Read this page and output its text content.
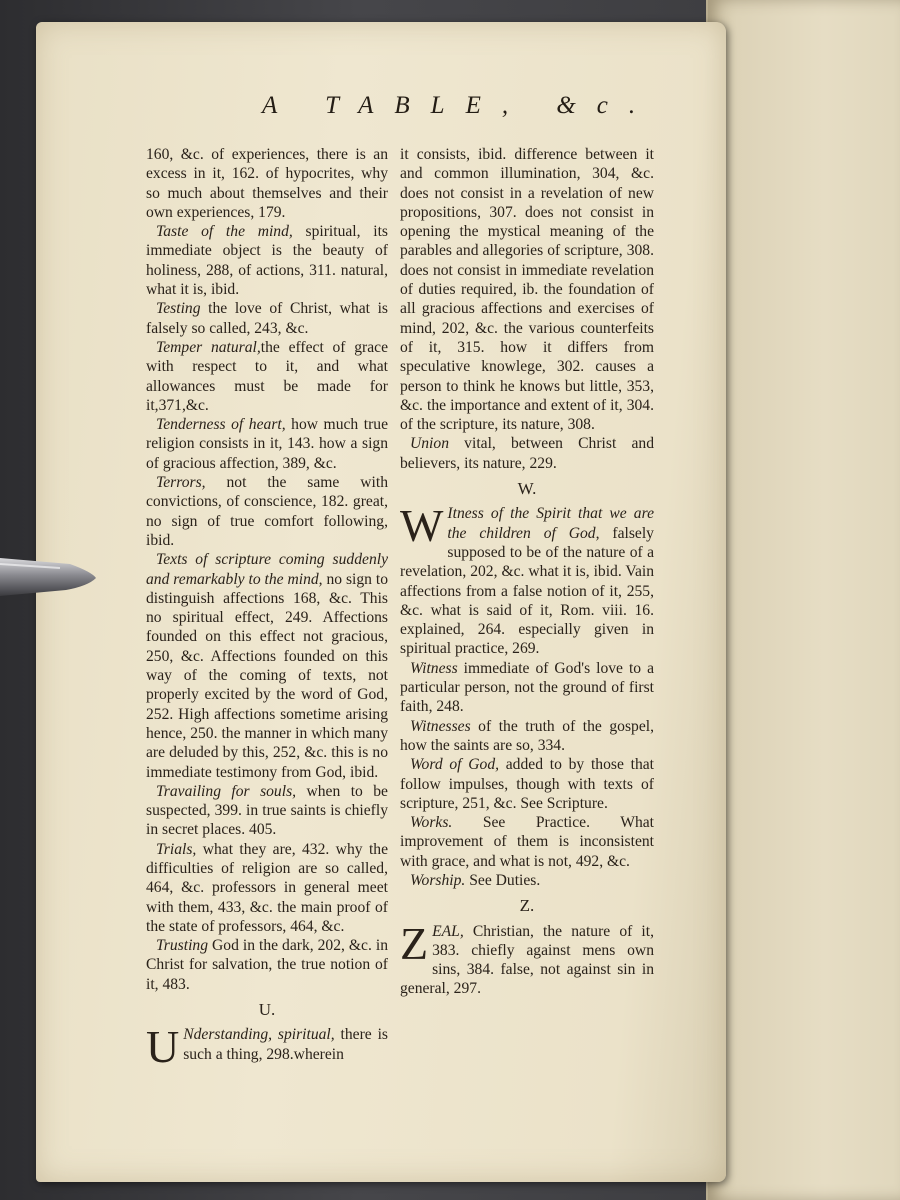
A TABLE, &c.
160, &c. of experiences, there is an excess in it, 162. of hypocrites, why so much about themselves and their own experiences, 179.
Taste of the mind, spiritual, its immediate object is the beauty of holiness, 288, of actions, 311. natural, what it is, ibid.
Testing the love of Christ, what is falsely so called, 243, &c.
Temper natural,the effect of grace with respect to it, and what allowances must be made for it,371,&c.
Tenderness of heart, how much true religion consists in it, 143. how a sign of gracious affection, 389, &c.
Terrors, not the same with convictions, of conscience, 182. great, no sign of true comfort following, ibid.
Texts of scripture coming suddenly and remarkably to the mind, no sign to distinguish affections 168, &c. This no spiritual effect, 249. Affections founded on this effect not gracious, 250, &c. Affections founded on this way of the coming of texts, not properly excited by the word of God, 252. High affections sometime arising hence, 250. the manner in which many are deluded by this, 252, &c. this is no immediate testimony from God, ibid.
Travailing for souls, when to be suspected, 399. in true saints is chiefly in secret places. 405.
Trials, what they are, 432. why the difficulties of religion are so called, 464, &c. professors in general meet with them, 433, &c. the main proof of the state of professors, 464, &c.
Trusting God in the dark, 202, &c. in Christ for salvation, the true notion of it, 483.
U.
U Nderstanding, spiritual, there is such a thing, 298.wherein
it consists, ibid. difference between it and common illumination, 304, &c. does not consist in a revelation of new propositions, 307. does not consist in opening the mystical meaning of the parables and allegories of scripture, 308. does not consist in immediate revelation of duties required, ib. the foundation of all gracious affections and exercises of mind, 202, &c. the various counterfeits of it, 315. how it differs from speculative knowlege, 302. causes a person to think he knows but little, 353, &c. the importance and extent of it, 304. of the scripture, its nature, 308.
Union vital, between Christ and believers, its nature, 229.
W.
W Itness of the Spirit that we are the children of God, falsely supposed to be of the nature of a revelation, 202, &c. what it is, ibid. Vain affections from a false notion of it, 255, &c. what is said of it, Rom. viii. 16. explained, 264. especially given in spiritual practice, 269.
Witness immediate of God's love to a particular person, not the ground of first faith, 248.
Witnesses of the truth of the gospel, how the saints are so, 334.
Word of God, added to by those that follow impulses, though with texts of scripture, 251, &c. See Scripture.
Works. See Practice. What improvement of them is inconsistent with grace, and what is not, 492, &c.
Worship. See Duties.
Z.
ZEAL, Christian, the nature of it, 383. chiefly against mens own sins, 384. false, not against sin in general, 297.
